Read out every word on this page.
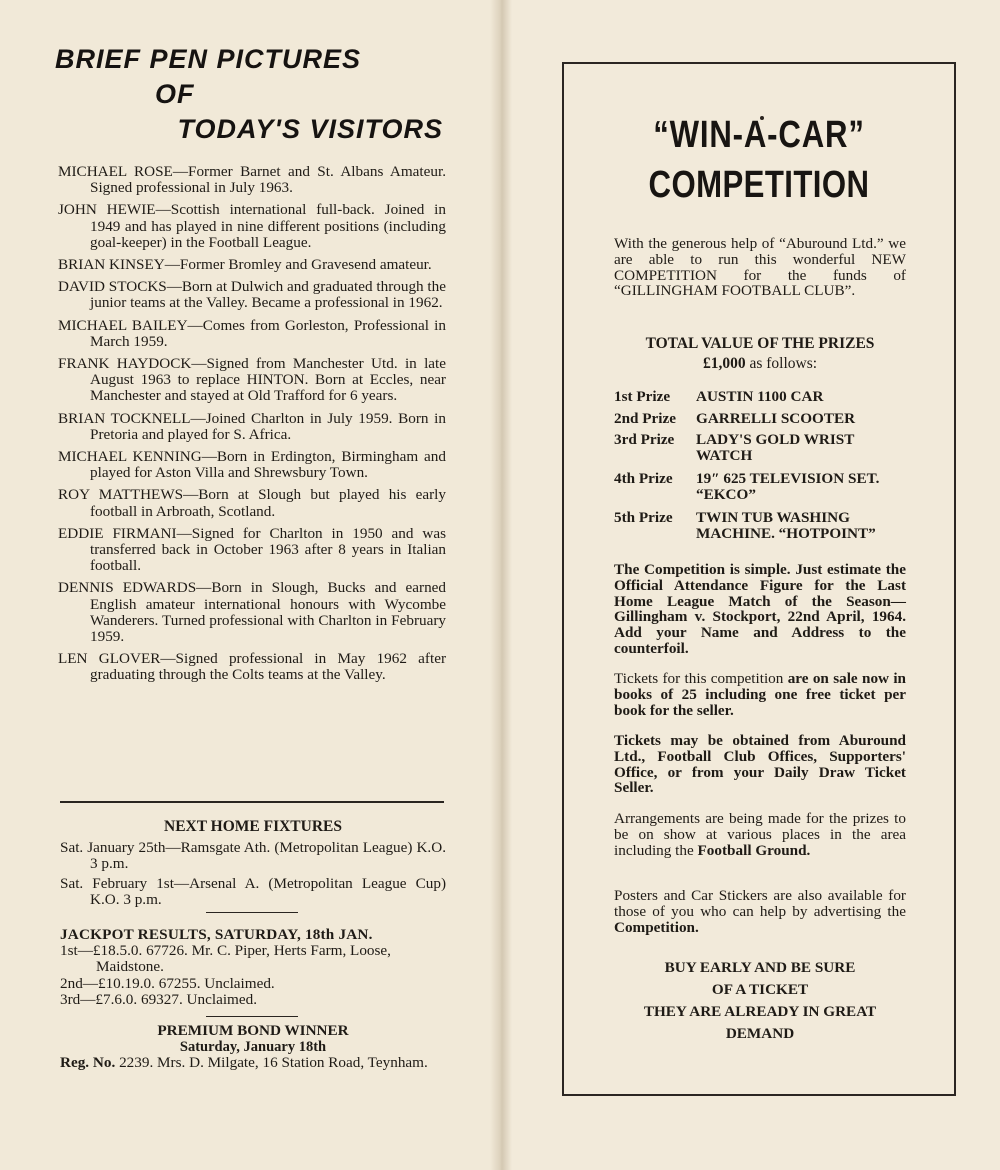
BRIEF PEN PICTURES
OF
TODAY'S VISITORS

MICHAEL ROSE—Former Barnet and St. Albans Amateur. Signed professional in July 1963.

JOHN HEWIE—Scottish international full-back. Joined in 1949 and has played in nine different positions (including goal-keeper) in the Football League.

BRIAN KINSEY—Former Bromley and Gravesend amateur.

DAVID STOCKS—Born at Dulwich and graduated through the junior teams at the Valley. Became a professional in 1962.

MICHAEL BAILEY—Comes from Gorleston, Professional in March 1959.

FRANK HAYDOCK—Signed from Manchester Utd. in late August 1963 to replace HINTON. Born at Eccles, near Manchester and stayed at Old Trafford for 6 years.

BRIAN TOCKNELL—Joined Charlton in July 1959. Born in Pretoria and played for S. Africa.

MICHAEL KENNING—Born in Erdington, Birmingham and played for Aston Villa and Shrewsbury Town.

ROY MATTHEWS—Born at Slough but played his early football in Arbroath, Scotland.

EDDIE FIRMANI—Signed for Charlton in 1950 and was transferred back in October 1963 after 8 years in Italian football.

DENNIS EDWARDS—Born in Slough, Bucks and earned English amateur international honours with Wycombe Wanderers. Turned professional with Charlton in February 1959.

LEN GLOVER—Signed professional in May 1962 after graduating through the Colts teams at the Valley.

NEXT HOME FIXTURES

Sat. January 25th—Ramsgate Ath. (Metropolitan League) K.O. 3 p.m.

Sat. February 1st—Arsenal A. (Metropolitan League Cup) K.O. 3 p.m.

JACKPOT RESULTS, SATURDAY, 18th JAN.

1st—£18.5.0. 67726. Mr. C. Piper, Herts Farm, Loose, Maidstone.

2nd—£10.19.0. 67255. Unclaimed.

3rd—£7.6.0. 69327. Unclaimed.

PREMIUM BOND WINNER
Saturday, January 18th
Reg. No. 2239. Mrs. D. Milgate, 16 Station Road, Teynham.
“WIN-A-CAR”
COMPETITION
With the generous help of “Aburound Ltd.” we are able to run this wonderful NEW COMPETITION for the funds of “GILLINGHAM FOOTBALL CLUB”.
TOTAL VALUE OF THE PRIZES
£1,000 as follows:
1st Prize	AUSTIN 1100 CAR
2nd Prize	GARRELLI SCOOTER
3rd Prize	LADY'S GOLD WRIST WATCH
4th Prize	19″ 625 TELEVISION SET. “EKCO”
5th Prize	TWIN TUB WASHING MACHINE. “HOTPOINT”
The Competition is simple. Just estimate the Official Attendance Figure for the Last Home League Match of the Season—Gillingham v. Stockport, 22nd April, 1964. Add your Name and Address to the counterfoil.
Tickets for this competition are on sale now in books of 25 including one free ticket per book for the seller.
Tickets may be obtained from Aburound Ltd., Football Club Offices, Supporters' Office, or from your Daily Draw Ticket Seller.
Arrangements are being made for the prizes to be on show at various places in the area including the Football Ground.
Posters and Car Stickers are also available for those of you who can help by advertising the Competition.
BUY EARLY AND BE SURE
OF A TICKET
THEY ARE ALREADY IN GREAT
DEMAND
